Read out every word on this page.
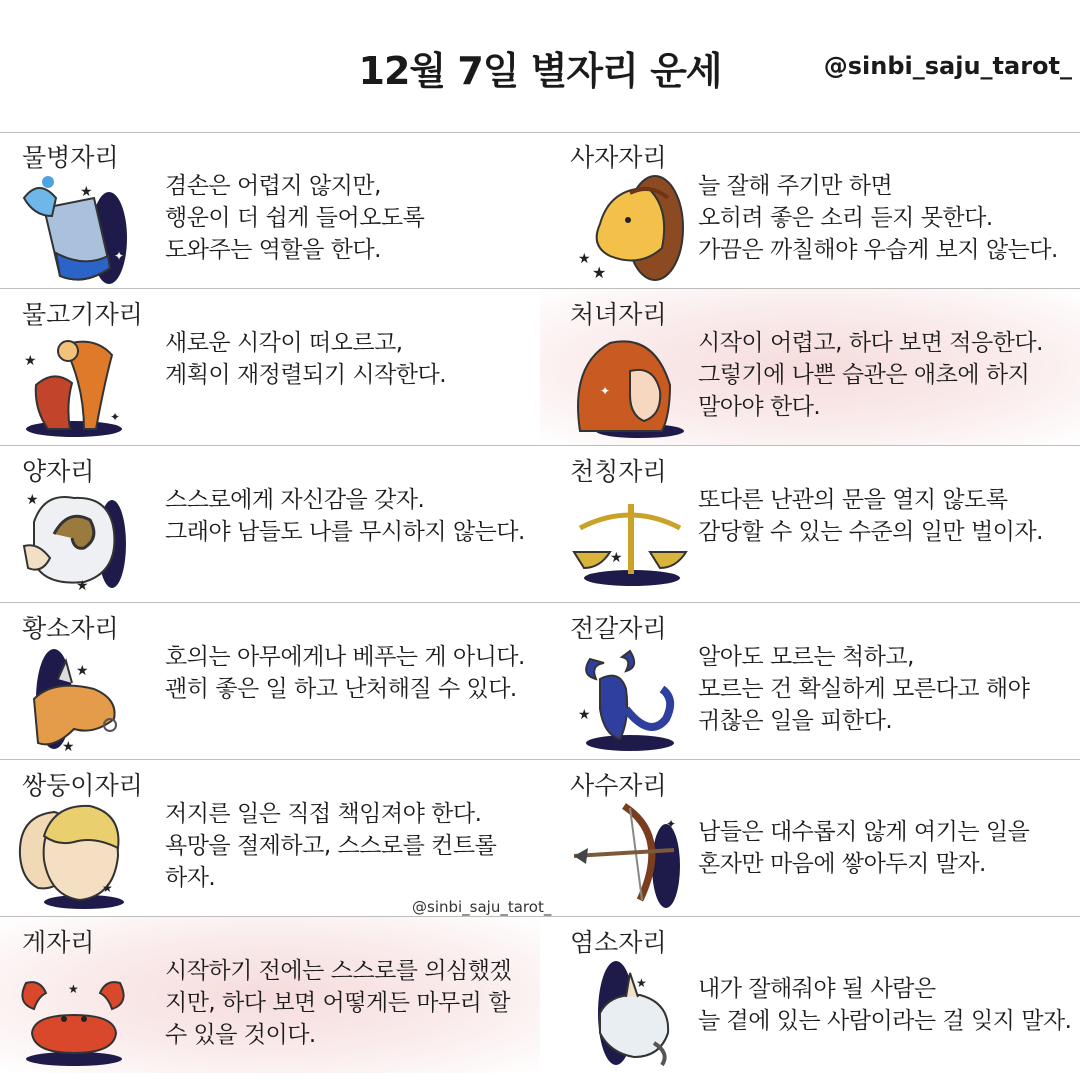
12월 7일 별자리 운세	@sinbi_saju_tarot_
물병자리
★
✦
겸손은 어렵지 않지만,
행운이 더 쉽게 들어오도록
도와주는 역할을 한다.
사자자리
★
★
늘 잘해 주기만 하면
오히려 좋은 소리 듣지 못한다.
가끔은 까칠해야 우습게 보지 않는다.
물고기자리
★
✦
새로운 시각이 떠오르고,
계획이 재정렬되기 시작한다.
처녀자리
✦
시작이 어렵고, 하다 보면 적응한다.
그렇기에 나쁜 습관은 애초에 하지
말아야 한다.
양자리
★
★
스스로에게 자신감을 갖자.
그래야 남들도 나를 무시하지 않는다.
천칭자리
★
또다른 난관의 문을 열지 않도록
감당할 수 있는 수준의 일만 벌이자.
@sinbi_saju_tarot_
황소자리
★
★
호의는 아무에게나 베푸는 게 아니다.
괜히 좋은 일 하고 난처해질 수 있다.
전갈자리
★
알아도 모르는 척하고,
모르는 건 확실하게 모른다고 해야
귀찮은 일을 피한다.
쌍둥이자리
★
저지른 일은 직접 책임져야 한다.
욕망을 절제하고, 스스로를 컨트롤
하자.
사수자리
✦ 남들은 대수롭지 않게 여기는 일을
혼자만 마음에 쌓아두지 말자.
게자리
★
시작하기 전에는 스스로를 의심했겠
지만, 하다 보면 어떻게든 마무리 할
수 있을 것이다.
염소자리
★ 내가 잘해줘야 될 사람은
늘 곁에 있는 사람이라는 걸 잊지 말자.
